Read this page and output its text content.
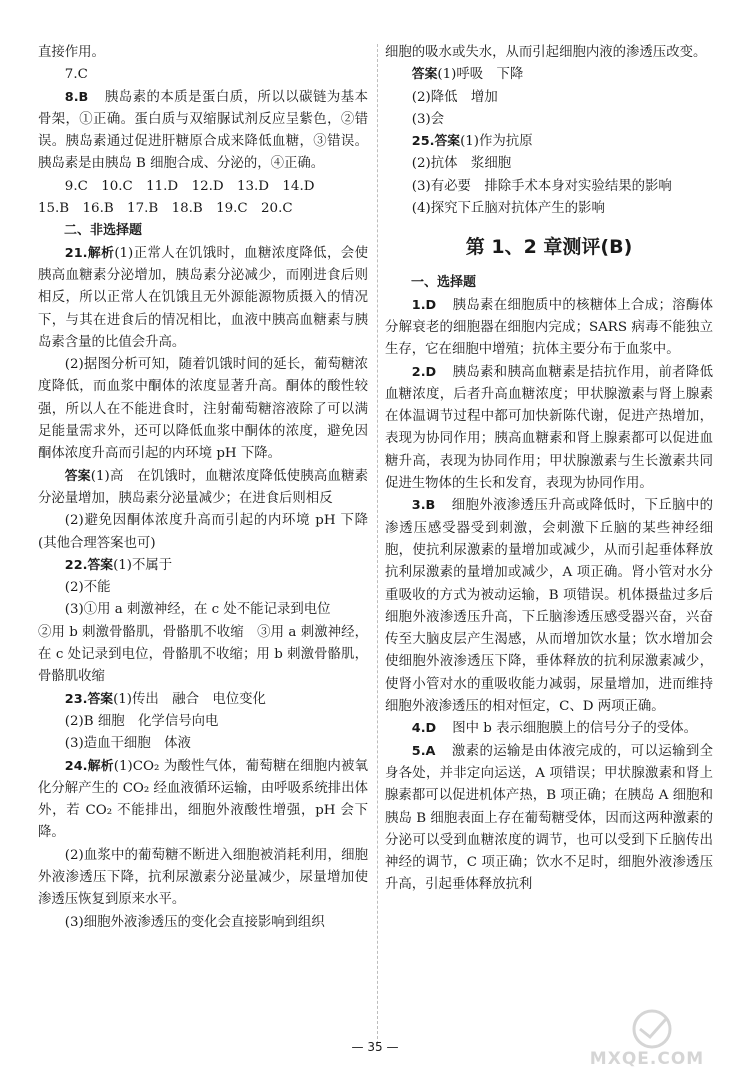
直接作用。

7.C

8.B 胰岛素的本质是蛋白质，所以以碳链为基本骨架，①正确。蛋白质与双缩脲试剂反应呈紫色，②错误。胰岛素通过促进肝糖原合成来降低血糖，③错误。胰岛素是由胰岛 B 细胞合成、分泌的，④正确。

9.C　10.C　11.D　12.D　13.D　14.D

15.B　16.B　17.B　18.B　19.C　20.C

二、非选择题

21.解析(1)正常人在饥饿时，血糖浓度降低，会使胰高血糖素分泌增加，胰岛素分泌减少，而刚进食后则相反，所以正常人在饥饿且无外源能源物质摄入的情况下，与其在进食后的情况相比，血液中胰高血糖素与胰岛素含量的比值会升高。

(2)据图分析可知，随着饥饿时间的延长，葡萄糖浓度降低，而血浆中酮体的浓度显著升高。酮体的酸性较强，所以人在不能进食时，注射葡萄糖溶液除了可以满足能量需求外，还可以降低血浆中酮体的浓度，避免因酮体浓度升高而引起的内环境 pH 下降。

答案(1)高　在饥饿时，血糖浓度降低使胰高血糖素分泌量增加，胰岛素分泌量减少；在进食后则相反

(2)避免因酮体浓度升高而引起的内环境 pH 下降(其他合理答案也可)

22.答案(1)不属于

(2)不能

(3)①用 a 刺激神经，在 c 处不能记录到电位

②用 b 刺激骨骼肌，骨骼肌不收缩　③用 a 刺激神经，在 c 处记录到电位，骨骼肌不收缩；用 b 刺激骨骼肌，骨骼肌收缩

23.答案(1)传出　融合　电位变化

(2)B 细胞　化学信号向电

(3)造血干细胞　体液

24.解析(1)CO₂ 为酸性气体，葡萄糖在细胞内被氧化分解产生的 CO₂ 经血液循环运输，由呼吸系统排出体外，若 CO₂ 不能排出，细胞外液酸性增强，pH 会下降。

(2)血浆中的葡萄糖不断进入细胞被消耗利用，细胞外液渗透压下降，抗利尿激素分泌量减少，尿量增加使渗透压恢复到原来水平。

(3)细胞外液渗透压的变化会直接影响到组织

细胞的吸水或失水，从而引起细胞内液的渗透压改变。

答案(1)呼吸　下降

(2)降低　增加

(3)会

25.答案(1)作为抗原

(2)抗体　浆细胞

(3)有必要　排除手术本身对实验结果的影响

(4)探究下丘脑对抗体产生的影响

第 1、2 章测评(B)

一、选择题

1.D 胰岛素在细胞质中的核糖体上合成；溶酶体分解衰老的细胞器在细胞内完成；SARS 病毒不能独立生存，它在细胞中增殖；抗体主要分布于血浆中。

2.D 胰岛素和胰高血糖素是拮抗作用，前者降低血糖浓度，后者升高血糖浓度；甲状腺激素与肾上腺素在体温调节过程中都可加快新陈代谢，促进产热增加，表现为协同作用；胰高血糖素和肾上腺素都可以促进血糖升高，表现为协同作用；甲状腺激素与生长激素共同促进生物体的生长和发育，表现为协同作用。

3.B 细胞外液渗透压升高或降低时，下丘脑中的渗透压感受器受到刺激，会刺激下丘脑的某些神经细胞，使抗利尿激素的量增加或减少，从而引起垂体释放抗利尿激素的量增加或减少，A 项正确。肾小管对水分重吸收的方式为被动运输，B 项错误。机体摄盐过多后细胞外液渗透压升高，下丘脑渗透压感受器兴奋，兴奋传至大脑皮层产生渴感，从而增加饮水量；饮水增加会使细胞外液渗透压下降，垂体释放的抗利尿激素减少，使肾小管对水的重吸收能力减弱，尿量增加，进而维持细胞外液渗透压的相对恒定，C、D 两项正确。

4.D 图中 b 表示细胞膜上的信号分子的受体。

5.A 激素的运输是由体液完成的，可以运输到全身各处，并非定向运送，A 项错误；甲状腺激素和肾上腺素都可以促进机体产热，B 项正确；在胰岛 A 细胞和胰岛 B 细胞表面上存在葡萄糖受体，因而这两种激素的分泌可以受到血糖浓度的调节，也可以受到下丘脑传出神经的调节，C 项正确；饮水不足时，细胞外液渗透压升高，引起垂体释放抗利

— 35 —
MXQE.COM
